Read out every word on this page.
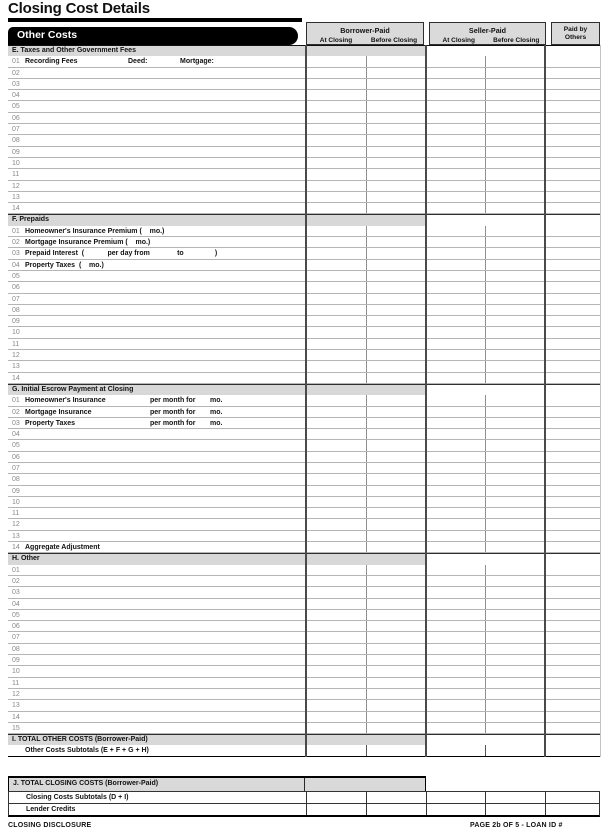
Closing Cost Details
Borrower-Paid
At Closing	Before Closing
Seller-Paid
At Closing	Before Closing
Paid by
Others
Other Costs
E. Taxes and Other Government Fees
01 Recording Fees	Deed:	Mortgage:
02
03
04
05
06
07
08
09
10
11
12
13
14
F. Prepaids
01 Homeowner's Insurance Premium (    mo.)
02 Mortgage Insurance Premium (    mo.)
03 Prepaid Interest  (            per day from              to                )
04 Property Taxes  (    mo.)
05
06
07
08
09
10
11
12
13
14
G. Initial Escrow Payment at Closing
01 Homeowner's Insurance	per month for mo.
02 Mortgage Insurance	per month for mo.
03 Property Taxes	per month for mo.
04
05
06
07
08
09
10
11
12
13
14 Aggregate Adjustment
H. Other
01
02
03
04
05
06
07
08
09
10
11
12
13
14
15
I. TOTAL OTHER COSTS (Borrower-Paid)
Other Costs Subtotals (E + F + G + H)
J. TOTAL CLOSING COSTS (Borrower-Paid)
Closing Costs Subtotals (D + I)
Lender Credits
CLOSING DISCLOSURE	PAGE 2b OF 5 - LOAN ID #
